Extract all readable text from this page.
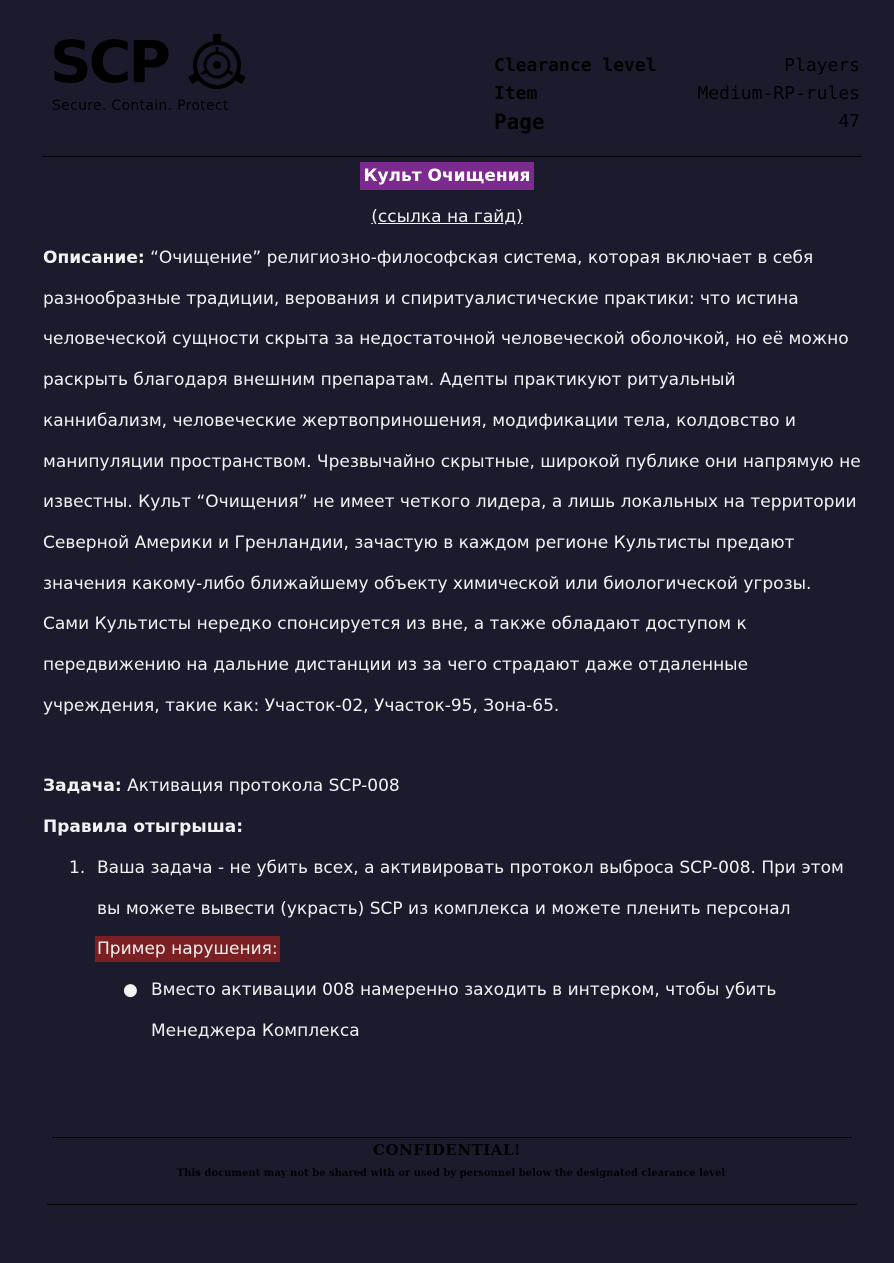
SCP
Secure. Contain. Protect
Clearance level	Players
Item	Medium-RP-rules
Page	47
Культ Очищения
(ссылка на гайд)

Описание: “Очищение” религиозно-философская система, которая включает в себя разнообразные традиции, верования и спиритуалистические практики: что истина человеческой сущности скрыта за недостаточной человеческой оболочкой, но её можно раскрыть благодаря внешним препаратам. Адепты практикуют ритуальный каннибализм, человеческие жертвоприношения, модификации тела, колдовство и манипуляции пространством. Чрезвычайно скрытные, широкой публике они напрямую не известны. Культ “Очищения” не имеет четкого лидера, а лишь локальных на территории Северной Америки и Гренландии, зачастую в каждом регионе Культисты предают значения какому-либо ближайшему объекту химической или биологической угрозы. Сами Культисты нередко спонсируется из вне, а также обладают доступом к передвижению на дальние дистанции из за чего страдают даже отдаленные учреждения, такие как: Участок-02, Участок-95, Зона-65.

Задача: Активация протокола SCP-008

Правила отыгрыша:

1. Ваша задача - не убить всех, а активировать протокол выброса SCP-008. При этом вы можете вывести (украсть) SCP из комплекса и можете пленить персонал
Пример нарушения:
● Вместо активации 008 намеренно заходить в интерком, чтобы убить Менеджера Комплекса
CONFIDENTIAL!
This document may not be shared with or used by personnel below the designated clearance level
